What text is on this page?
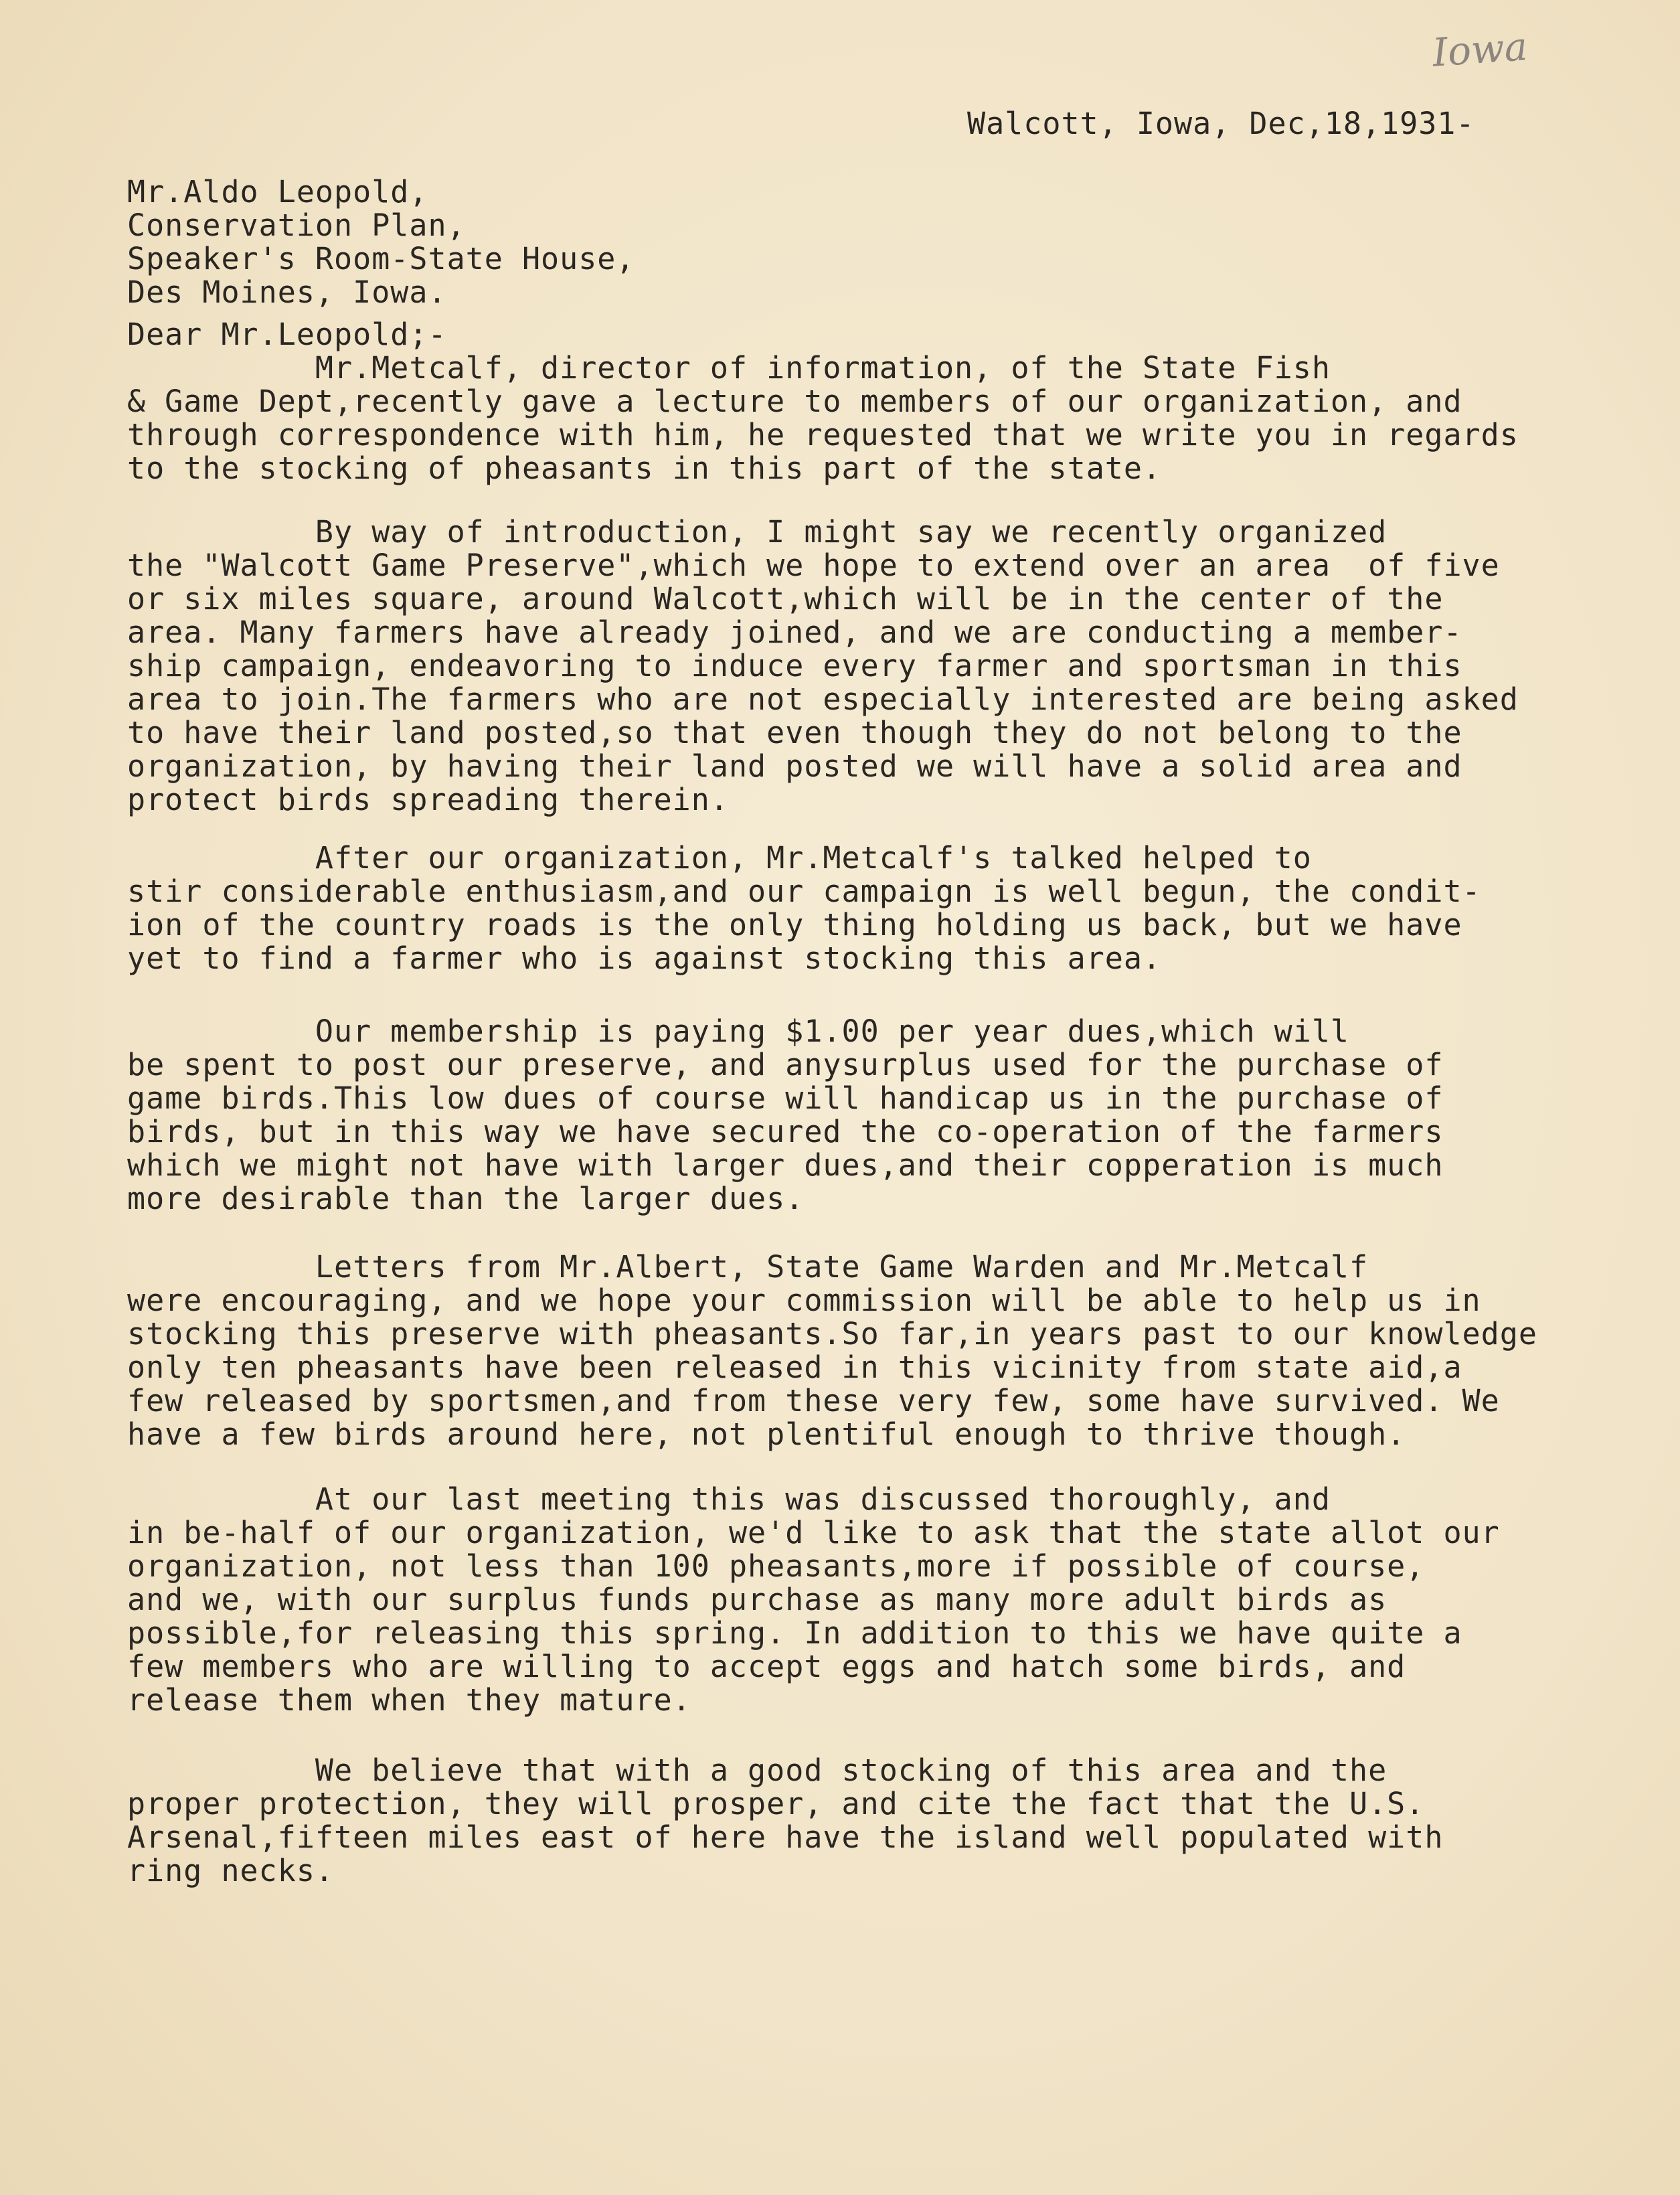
Iowa

Walcott, Iowa, Dec,18,1931-

Mr.Aldo Leopold,
Conservation Plan,
Speaker's Room-State House,
Des Moines, Iowa.

Dear Mr.Leopold;-

Mr.Metcalf, director of information, of the State Fish
& Game Dept,recently gave a lecture to members of our organization, and
through correspondence with him, he requested that we write you in regards
to the stocking of pheasants in this part of the state.
By way of introduction, I might say we recently organized
the "Walcott Game Preserve",which we hope to extend over an area  of five
or six miles square, around Walcott,which will be in the center of the
area. Many farmers have already joined, and we are conducting a member-
ship campaign, endeavoring to induce every farmer and sportsman in this
area to join.The farmers who are not especially interested are being asked
to have their land posted,so that even though they do not belong to the
organization, by having their land posted we will have a solid area and
protect birds spreading therein.
After our organization, Mr.Metcalf's talked helped to
stir considerable enthusiasm,and our campaign is well begun, the condit-
ion of the country roads is the only thing holding us back, but we have
yet to find a farmer who is against stocking this area.
Our membership is paying $1.00 per year dues,which will
be spent to post our preserve, and anysurplus used for the purchase of
game birds.This low dues of course will handicap us in the purchase of
birds, but in this way we have secured the co-operation of the farmers
which we might not have with larger dues,and their copperation is much
more desirable than the larger dues.
Letters from Mr.Albert, State Game Warden and Mr.Metcalf
were encouraging, and we hope your commission will be able to help us in
stocking this preserve with pheasants.So far,in years past to our knowledge
only ten pheasants have been released in this vicinity from state aid,a
few released by sportsmen,and from these very few, some have survived. We
have a few birds around here, not plentiful enough to thrive though.
At our last meeting this was discussed thoroughly, and
in be-half of our organization, we'd like to ask that the state allot our
organization, not less than 100 pheasants,more if possible of course,
and we, with our surplus funds purchase as many more adult birds as
possible,for releasing this spring. In addition to this we have quite a
few members who are willing to accept eggs and hatch some birds, and
release them when they mature.
We believe that with a good stocking of this area and the
proper protection, they will prosper, and cite the fact that the U.S.
Arsenal,fifteen miles east of here have the island well populated with
ring necks.
